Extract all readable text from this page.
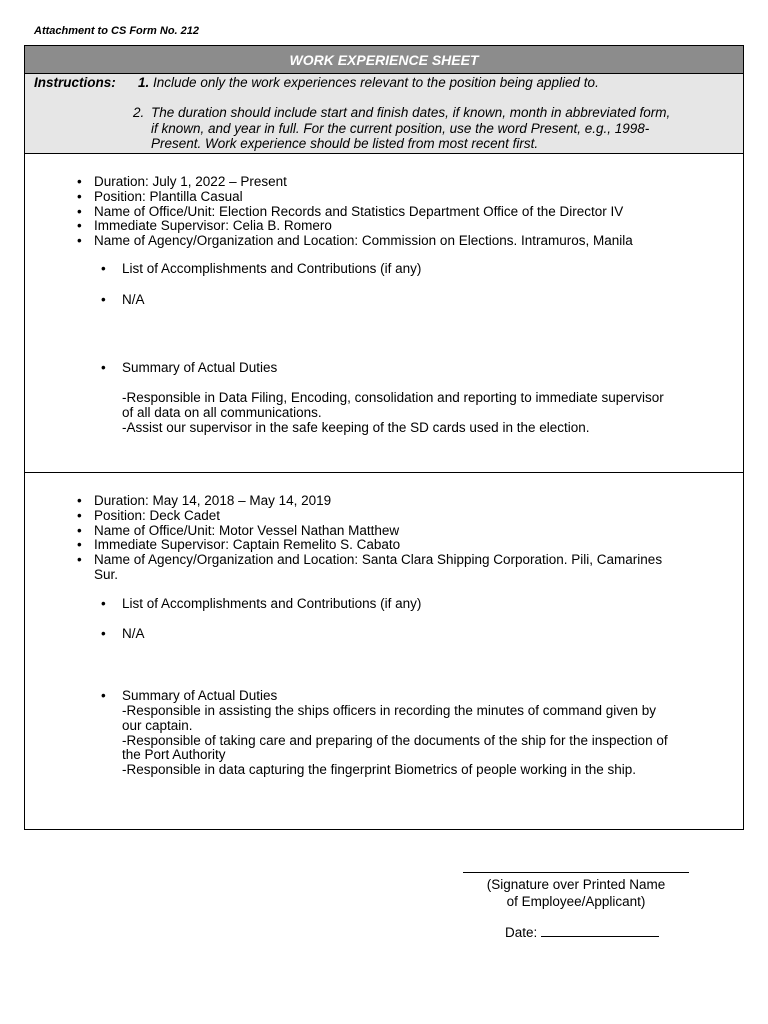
Attachment to CS Form No. 212
WORK EXPERIENCE SHEET
Instructions: 1. Include only the work experiences relevant to the position being applied to.
2. The duration should include start and finish dates, if known, month in abbreviated form,
if known, and year in full. For the current position, use the word Present, e.g., 1998-
Present. Work experience should be listed from most recent first.
• Duration: July 1, 2022 – Present
• Position: Plantilla Casual
• Name of Office/Unit: Election Records and Statistics Department Office of the Director IV
• Immediate Supervisor: Celia B. Romero
• Name of Agency/Organization and Location: Commission on Elections. Intramuros, Manila
• List of Accomplishments and Contributions (if any)
• N/A
• Summary of Actual Duties
-Responsible in Data Filing, Encoding, consolidation and reporting to immediate supervisor
of all data on all communications.
-Assist our supervisor in the safe keeping of the SD cards used in the election.
• Duration: May 14, 2018 – May 14, 2019
• Position: Deck Cadet
• Name of Office/Unit: Motor Vessel Nathan Matthew
• Immediate Supervisor: Captain Remelito S. Cabato
• Name of Agency/Organization and Location: Santa Clara Shipping Corporation. Pili, Camarines
Sur.
• List of Accomplishments and Contributions (if any)
• N/A
• Summary of Actual Duties
-Responsible in assisting the ships officers in recording the minutes of command given by
our captain.
-Responsible of taking care and preparing of the documents of the ship for the inspection of
the Port Authority
-Responsible in data capturing the fingerprint Biometrics of people working in the ship.
(Signature over Printed Name
of Employee/Applicant)
Date:
